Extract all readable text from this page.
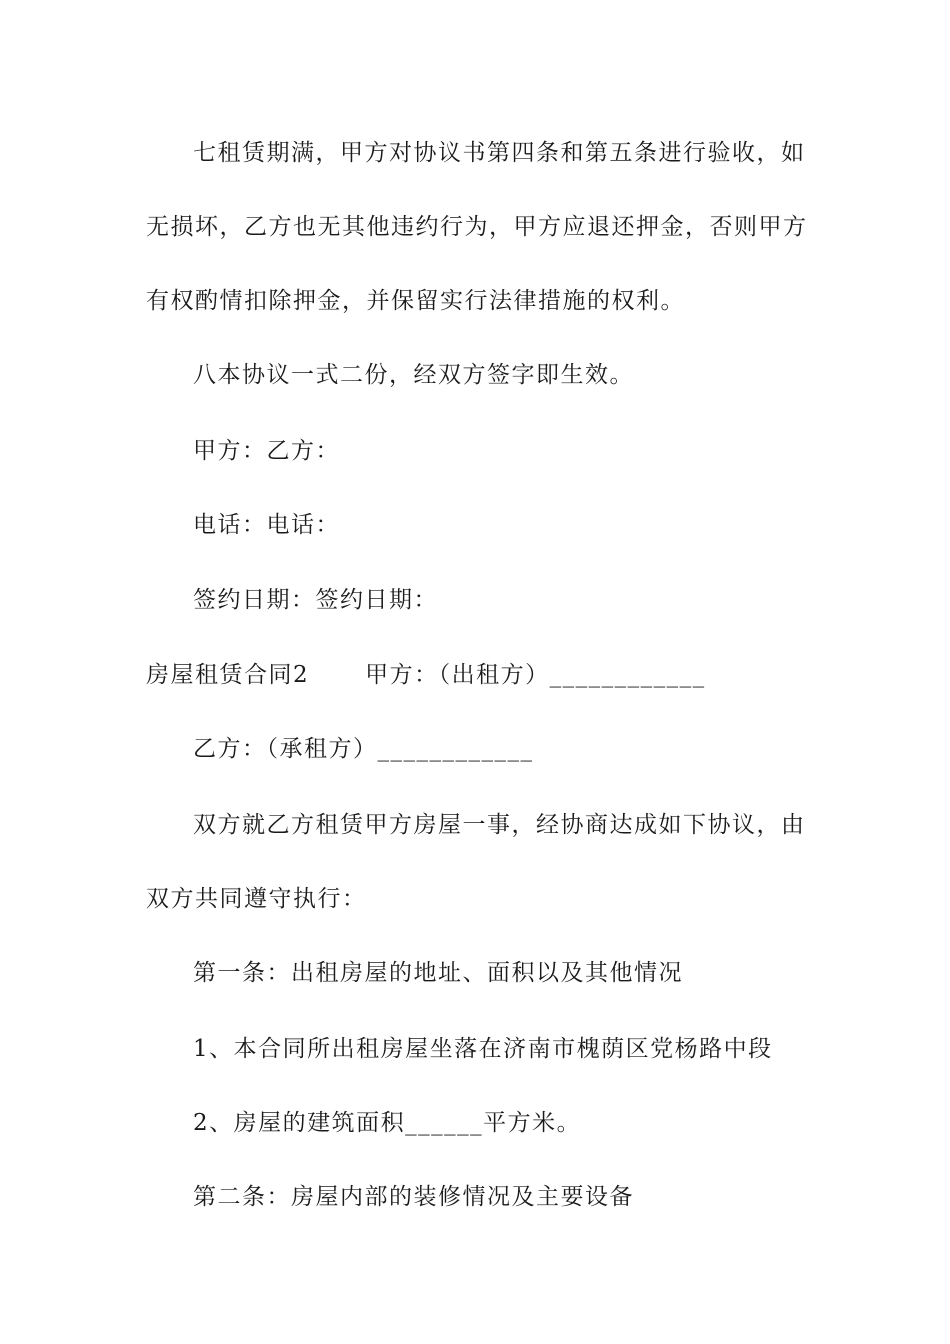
七租赁期满，甲方对协议书第四条和第五条进行验收，如
无损坏，乙方也无其他违约行为，甲方应退还押金，否则甲方
有权酌情扣除押金，并保留实行法律措施的权利。
八本协议一式二份，经双方签字即生效。
甲方：乙方：
电话：电话：
签约日期：签约日期：
房屋租赁合同2 甲方：（出租方）____________
乙方：（承租方）____________
双方就乙方租赁甲方房屋一事，经协商达成如下协议，由
双方共同遵守执行：
第一条：出租房屋的地址、面积以及其他情况
1、本合同所出租房屋坐落在济南市槐荫区党杨路中段
2、房屋的建筑面积______平方米。
第二条：房屋内部的装修情况及主要设备
